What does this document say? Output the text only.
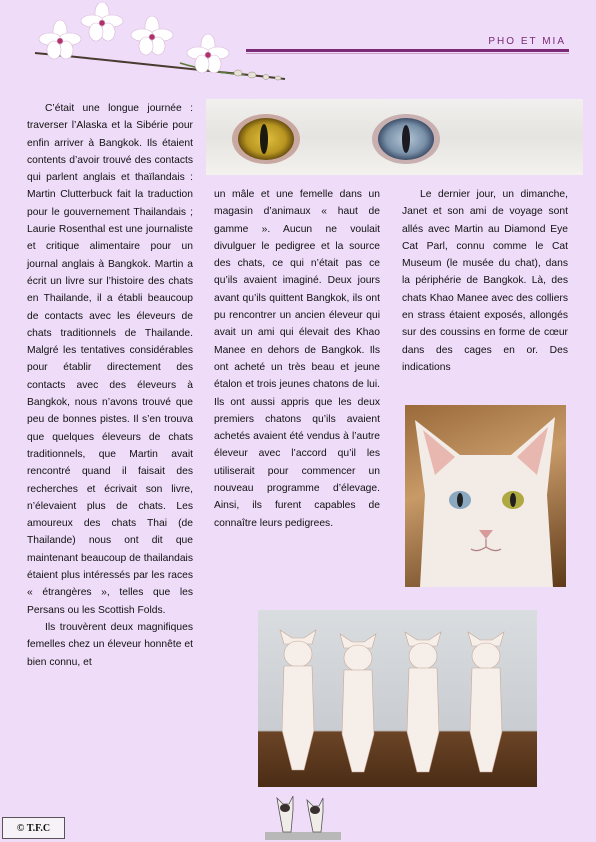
PHO ET MIA

C’était une longue journée : traverser l’Alaska et la Sibérie pour enfin arriver à Bangkok. Ils étaient contents d’avoir trouvé des contacts qui parlent anglais et thaïlandais : Martin Clutterbuck fait la traduction pour le gouvernement Thailandais ; Laurie Rosenthal est une journaliste et critique alimentaire pour un journal anglais à Bangkok. Martin a écrit un livre sur l’histoire des chats en Thailande, il a établi beaucoup de contacts avec les éleveurs de chats traditionnels de Thailande. Malgré les tentatives considérables pour établir directement des contacts avec des éleveurs à Bangkok, nous n’avons trouvé que peu de bonnes pistes. Il s’en trouva que quelques éleveurs de chats traditionnels, que Martin avait rencontré quand il faisait des recherches et écrivait son livre, n’élevaient plus de chats. Les amoureux des chats Thai (de Thailande) nous ont dit que maintenant beaucoup de thailandais étaient plus intéressés par les races « étrangères », telles que les Persans ou les Scottish Folds.

Ils trouvèrent deux magnifiques femelles chez un éleveur honnête et bien connu, et

un mâle et une femelle dans un magasin d’animaux « haut de gamme ». Aucun ne voulait divulguer le pedigree et la source des chats, ce qui n’était pas ce qu’ils avaient imaginé. Deux jours avant qu’ils quittent Bangkok, ils ont pu rencontrer un ancien éleveur qui avait un ami qui élevait des Khao Manee en dehors de Bangkok. Ils ont acheté un très beau et jeune étalon et trois jeunes chatons de lui. Ils ont aussi appris que les deux premiers chatons qu’ils avaient achetés avaient été vendus à l’autre éleveur avec l’accord qu’il les utiliserait pour commencer un nouveau programme d’élevage. Ainsi, ils furent capables de connaître leurs pedigrees.

Le dernier jour, un dimanche, Janet et son ami de voyage sont allés avec Martin au Diamond Eye Cat Parl, connu comme le Cat Museum (le musée du chat), dans la périphérie de Bangkok. Là, des chats Khao Manee avec des colliers en strass étaient exposés, allongés sur des coussins en forme de cœur dans des cages en or. Des indications

© T.F.C
